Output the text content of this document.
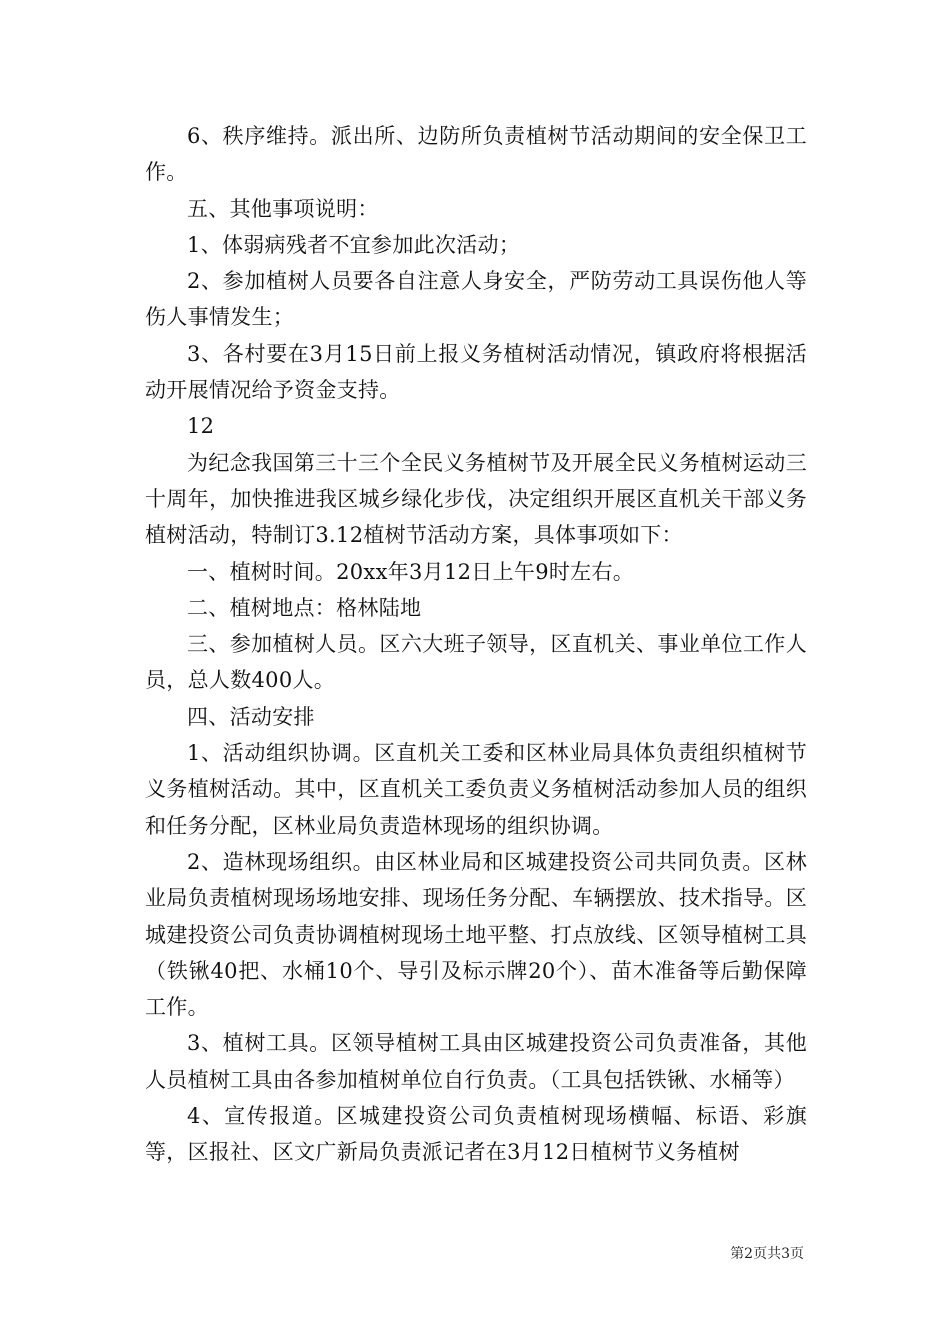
6、秩序维持。派出所、边防所负责植树节活动期间的安全保卫工作。

五、其他事项说明：

1、体弱病残者不宜参加此次活动；

2、参加植树人员要各自注意人身安全，严防劳动工具误伤他人等伤人事情发生；

3、各村要在3月15日前上报义务植树活动情况，镇政府将根据活动开展情况给予资金支持。

12

为纪念我国第三十三个全民义务植树节及开展全民义务植树运动三十周年，加快推进我区城乡绿化步伐，决定组织开展区直机关干部义务植树活动，特制订3.12植树节活动方案，具体事项如下：

一、植树时间。20xx年3月12日上午9时左右。

二、植树地点：格林陆地

三、参加植树人员。区六大班子领导，区直机关、事业单位工作人员，总人数400人。

四、活动安排

1、活动组织协调。区直机关工委和区林业局具体负责组织植树节义务植树活动。其中，区直机关工委负责义务植树活动参加人员的组织和任务分配，区林业局负责造林现场的组织协调。

2、造林现场组织。由区林业局和区城建投资公司共同负责。区林业局负责植树现场场地安排、现场任务分配、车辆摆放、技术指导。区城建投资公司负责协调植树现场土地平整、打点放线、区领导植树工具（铁锹40把、水桶10个、导引及标示牌20个）、苗木准备等后勤保障工作。

3、植树工具。区领导植树工具由区城建投资公司负责准备，其他人员植树工具由各参加植树单位自行负责。（工具包括铁锹、水桶等）

4、宣传报道。区城建投资公司负责植树现场横幅、标语、彩旗等，区报社、区文广新局负责派记者在3月12日植树节义务植树

第2页共3页
